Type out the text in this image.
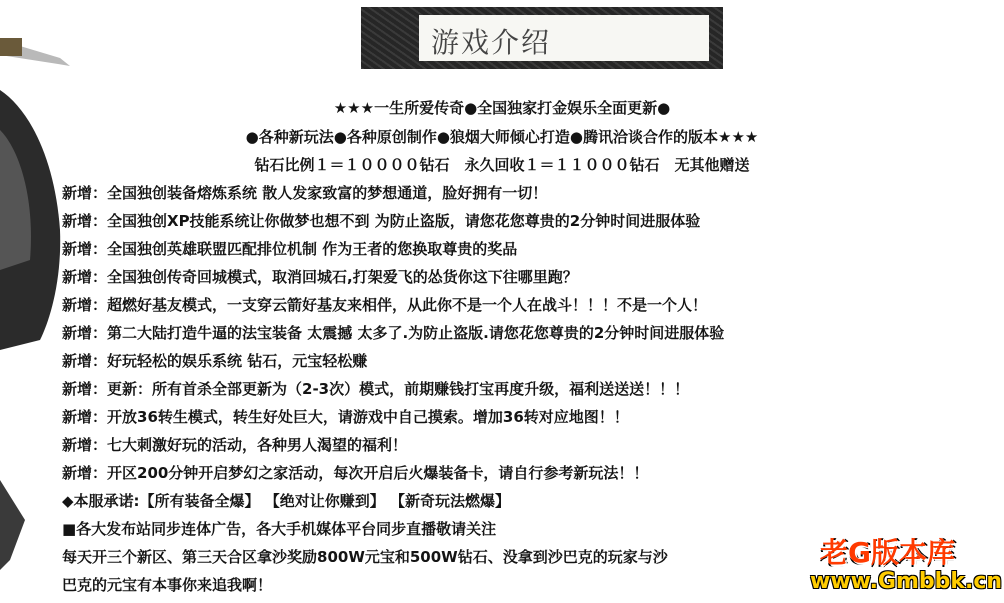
游戏介绍
★★★一生所爱传奇●全国独家打金娱乐全面更新●
●各种新玩法●各种原创制作●狼烟大师倾心打造●腾讯洽谈合作的版本★★★
钻石比例１＝１００００钻石　永久回收１＝１１０００钻石　无其他赠送
新增：全国独创装备熔炼系统 散人发家致富的梦想通道，脸好拥有一切！
新增：全国独创XP技能系统让你做梦也想不到 为防止盗版，请您花您尊贵的2分钟时间进服体验
新增：全国独创英雄联盟匹配排位机制 作为王者的您换取尊贵的奖品
新增：全国独创传奇回城模式，取消回城石,打架爱飞的怂货你这下往哪里跑？
新增：超燃好基友模式，一支穿云箭好基友来相伴，从此你不是一个人在战斗！！！不是一个人！
新增：第二大陆打造牛逼的法宝装备 太震撼 太多了.为防止盗版.请您花您尊贵的2分钟时间进服体验
新增：好玩轻松的娱乐系统 钻石，元宝轻松赚
新增：更新：所有首杀全部更新为（2-3次）模式，前期赚钱打宝再度升级，福利送送送！！！
新增：开放36转生模式，转生好处巨大，请游戏中自己摸索。增加36转对应地图！！
新增：七大刺激好玩的活动，各种男人渴望的福利！
新增：开区200分钟开启梦幻之家活动，每次开启后火爆装备卡，请自行参考新玩法！！
◆本服承诺:【所有装备全爆】 【绝对让你赚到】 【新奇玩法燃爆】
■各大发布站同步连体广告，各大手机媒体平台同步直播敬请关注
每天开三个新区、第三天合区拿沙奖励800W元宝和500W钻石、没拿到沙巴克的玩家与沙
巴克的元宝有本事你来追我啊！
老G版本库
www.Gmbbk.cn
